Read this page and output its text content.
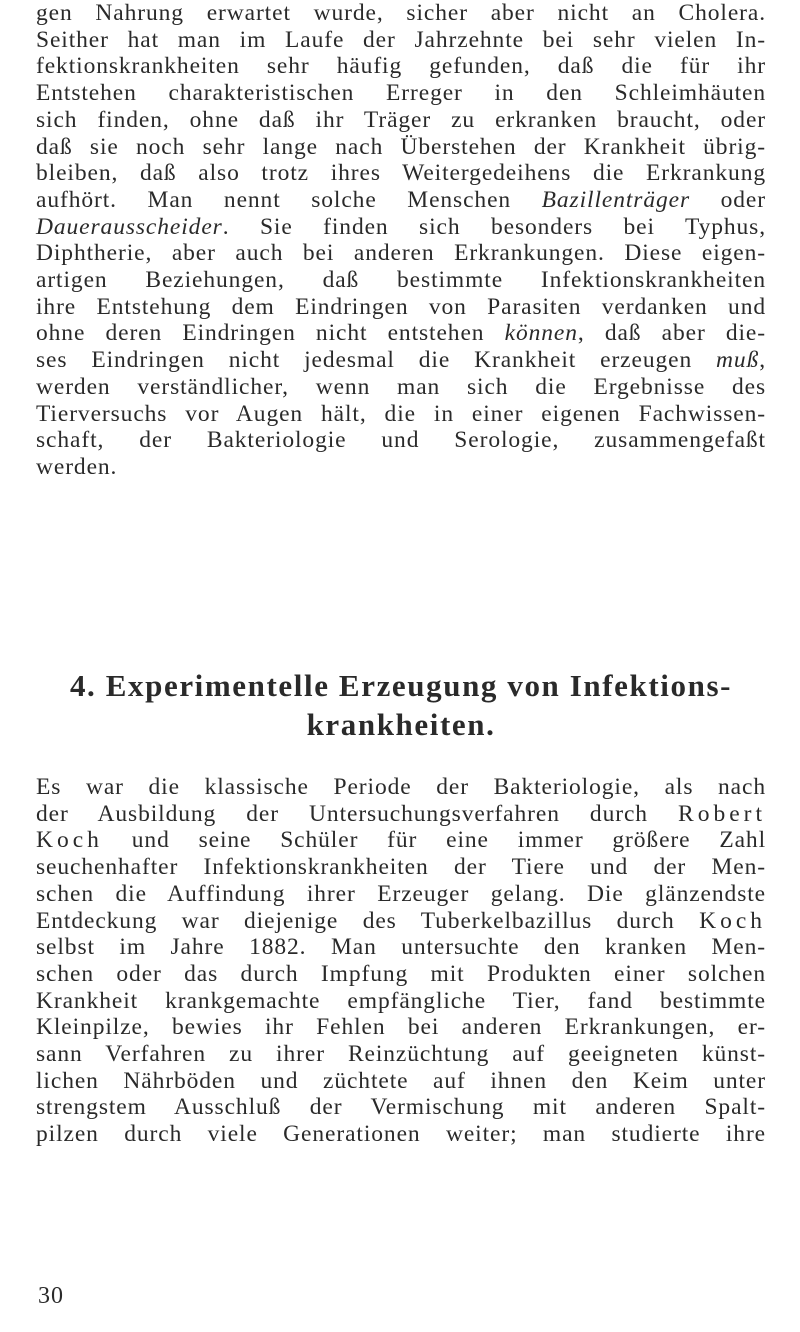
gen Nahrung erwartet wurde, sicher aber nicht an Cholera.
Seither hat man im Laufe der Jahrzehnte bei sehr vielen In-
fektionskrankheiten sehr häufig gefunden, daß die für ihr
Entstehen charakteristischen Erreger in den Schleimhäuten
sich finden, ohne daß ihr Träger zu erkranken braucht, oder
daß sie noch sehr lange nach Überstehen der Krankheit übrig-
bleiben, daß also trotz ihres Weitergedeihens die Erkrankung
aufhört. Man nennt solche Menschen Bazillenträger oder
Dauerausscheider. Sie finden sich besonders bei Typhus,
Diphtherie, aber auch bei anderen Erkrankungen. Diese eigen-
artigen Beziehungen, daß bestimmte Infektionskrankheiten
ihre Entstehung dem Eindringen von Parasiten verdanken und
ohne deren Eindringen nicht entstehen können, daß aber die-
ses Eindringen nicht jedesmal die Krankheit erzeugen muß,
werden verständlicher, wenn man sich die Ergebnisse des
Tierversuchs vor Augen hält, die in einer eigenen Fachwissen-
schaft, der Bakteriologie und Serologie, zusammengefaßt
werden.
4. Experimentelle Erzeugung von Infektions-
krankheiten.
Es war die klassische Periode der Bakteriologie, als nach
der Ausbildung der Untersuchungsverfahren durch Robert
Koch und seine Schüler für eine immer größere Zahl
seuchenhafter Infektionskrankheiten der Tiere und der Men-
schen die Auffindung ihrer Erzeuger gelang. Die glänzendste
Entdeckung war diejenige des Tuberkelbazillus durch Koch
selbst im Jahre 1882. Man untersuchte den kranken Men-
schen oder das durch Impfung mit Produkten einer solchen
Krankheit krankgemachte empfängliche Tier, fand bestimmte
Kleinpilze, bewies ihr Fehlen bei anderen Erkrankungen, er-
sann Verfahren zu ihrer Reinzüchtung auf geeigneten künst-
lichen Nährböden und züchtete auf ihnen den Keim unter
strengstem Ausschluß der Vermischung mit anderen Spalt-
pilzen durch viele Generationen weiter; man studierte ihre
30
